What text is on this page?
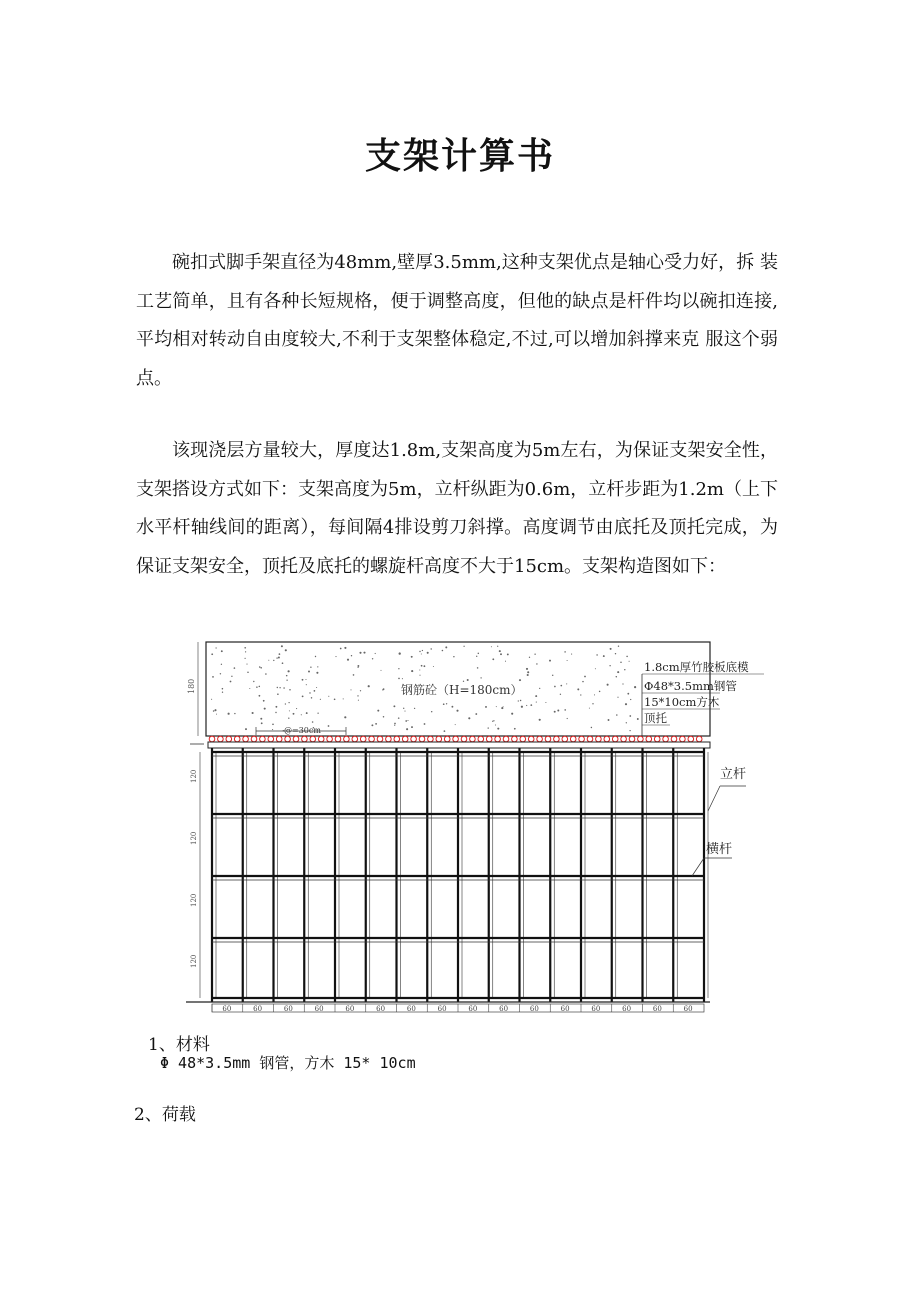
支架计算书
碗扣式脚手架直径为48mm,壁厚3.5mm,这种支架优点是轴心受力好，拆 装工艺简单，且有各种长短规格，便于调整高度，但他的缺点是杆件均以碗扣连接,平均相对转动自由度较大,不利于支架整体稳定,不过,可以增加斜撑来克 服这个弱点。
该现浇层方量较大，厚度达1.8m,支架高度为5m左右，为保证支架安全性，支架搭设方式如下：支架高度为5m，立杆纵距为0.6m，立杆步距为1.2m（上下水平杆轴线间的距离），每间隔4排设剪刀斜撑。高度调节由底托及顶托完成，为保证支架安全，顶托及底托的螺旋杆高度不大于15cm。支架构造图如下：
钢筋砼（H=180cm）
180
1.8cm厚竹胶板底模
Φ48*3.5mm钢管
15*10cm方木
顶托
@=30cm
60	60	60	60	60	60	60	60	60	60	60	60	60	60	60	60
120
120
120
120
立杆
横杆
1、材料
Φ 48*3.5mm 钢管，方木 15* 10cm
2、荷载
